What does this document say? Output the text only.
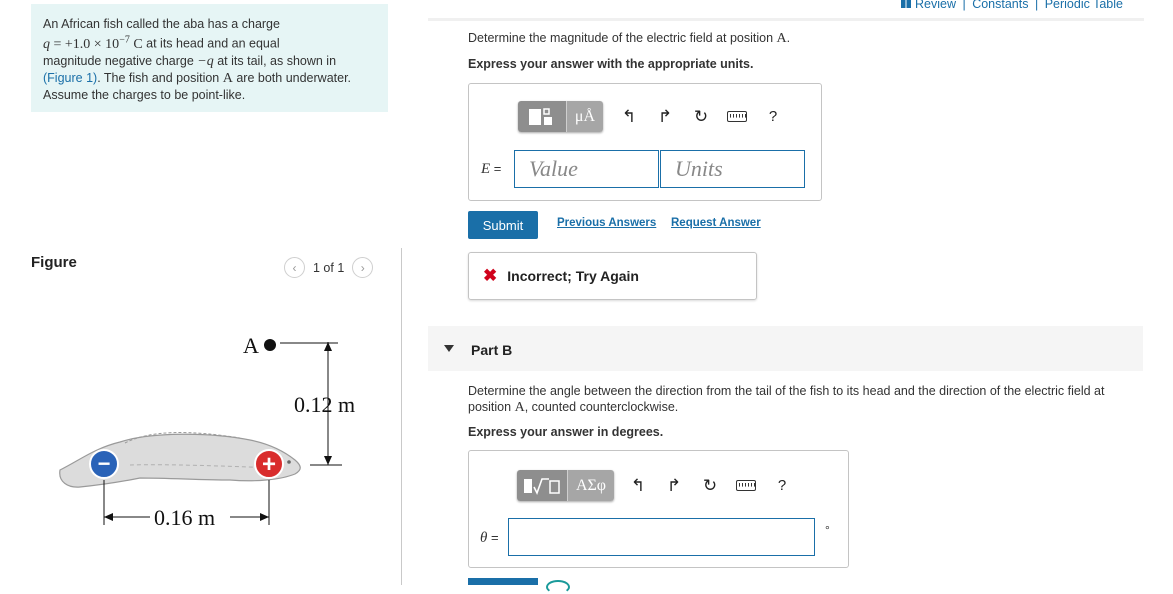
Review | Constants | Periodic Table
An African fish called the aba has a charge
$q = +1.0 \times 10^{-7}$ C at its head and an equal
magnitude negative charge −q at its tail, as shown in
(Figure 1). The fish and position A are both underwater.
Assume the charges to be point-like.
Figure	‹	1 of 1	›
A
0.12 m
−	+
0.16 m
Determine the magnitude of the electric field at position A.
Express your answer with the appropriate units.
μÅ	↰	↱	↻	?
E =	Value	Units
Submit	Previous Answers Request Answer
✖ Incorrect; Try Again
Part B
Determine the angle between the direction from the tail of the fish to its head and the direction of the electric field at position A, counted counterclockwise.
Express your answer in degrees.
ΑΣφ	↰	↱	↻	?
θ =	°
